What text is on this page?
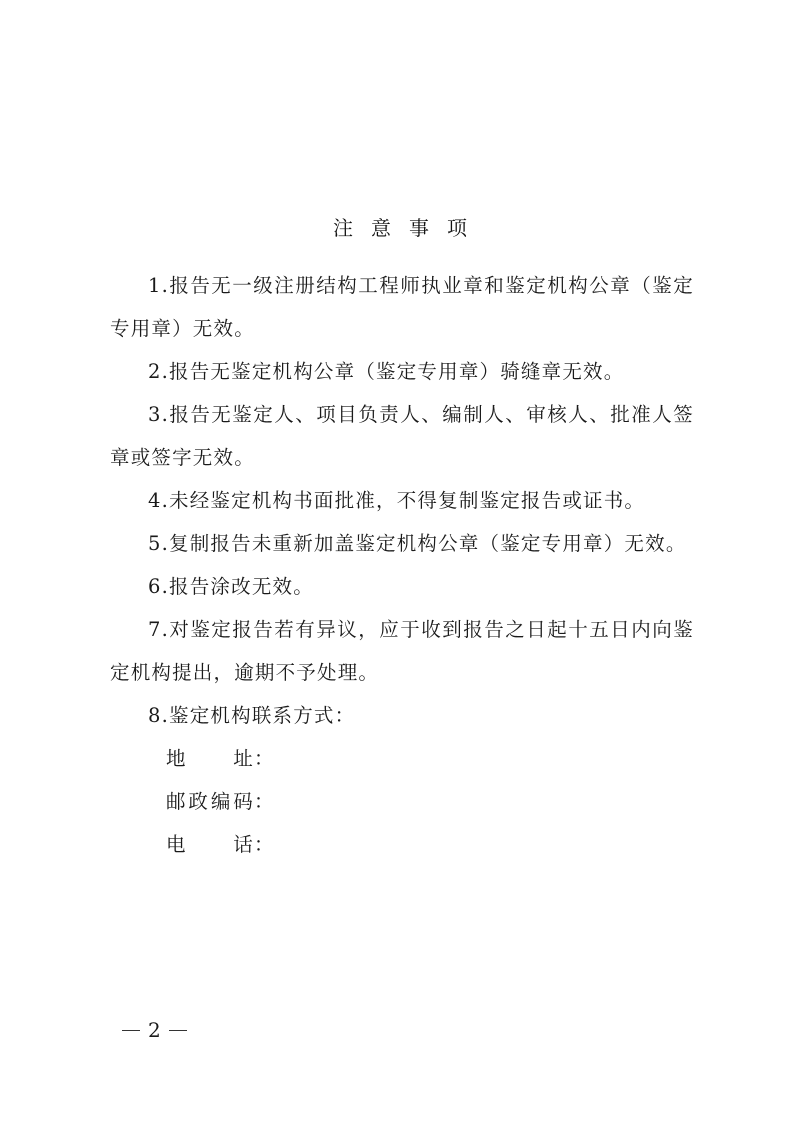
注意事项

1.报告无一级注册结构工程师执业章和鉴定机构公章（鉴定专用章）无效。

2.报告无鉴定机构公章（鉴定专用章）骑缝章无效。

3.报告无鉴定人、项目负责人、编制人、审核人、批准人签章或签字无效。

4.未经鉴定机构书面批准，不得复制鉴定报告或证书。

5.复制报告未重新加盖鉴定机构公章（鉴定专用章）无效。

6.报告涂改无效。

7.对鉴定报告若有异议，应于收到报告之日起十五日内向鉴定机构提出，逾期不予处理。

8.鉴定机构联系方式：

地址 ：

邮政编码 ：

电话 ：

2
